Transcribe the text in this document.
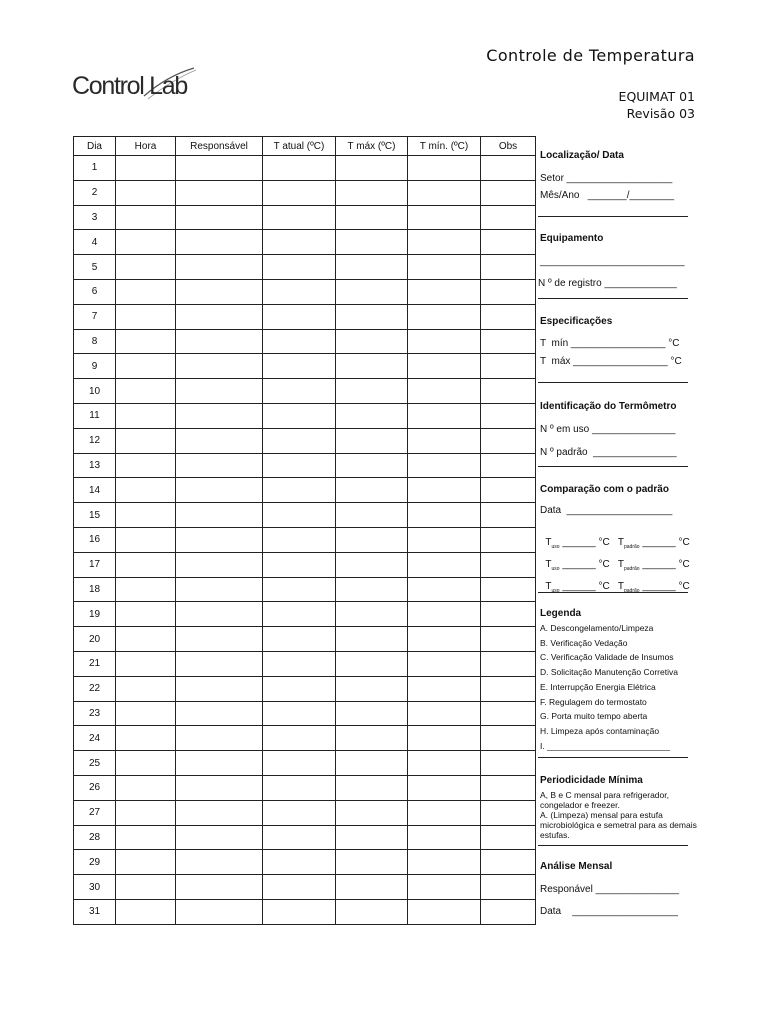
Control Lab
Controle de Temperatura
EQUIMAT 01
Revisão 03
Dia	Hora	Responsável	T atual (ºC)	T máx (ºC)	T mín. (ºC)	Obs
1						
2						
3						
4						
5						
6						
7						
8						
9						
10						
11						
12						
13						
14						
15						
16						
17						
18						
19						
20						
21						
22						
23						
24						
25						
26						
27						
28						
29						
30						
31						
Localização/ Data
Setor ___________________
Mês/Ano   _______/________
Equipamento
__________________________
N º de registro _____________
Especificações
T  mín _________________ °C
T  máx _________________ °C
Identificação do Termômetro
N º em uso _______________
N º padrão  _______________
Comparação com o padrão
Data  ___________________

$T_{uso}$ ______ °C $T_{padrão}$ ______ °C

$T_{uso}$ ______ °C $T_{padrão}$ ______ °C

$T_{uso}$ ______ °C $T_{padrão}$ ______ °C

Legenda
A. Descongelamento/Limpeza
B. Verificação Vedação
C. Verificação Validade de Insumos
D. Solicitação Manutenção Corretiva
E. Interrupção Energia Elétrica
F. Regulagem do termostato
G. Porta muito tempo aberta
H. Limpeza após contaminação
I. __________________________
Periodicidade Mínima
A, B e C mensal para refrigerador, congelador e freezer.
A. (Limpeza) mensal para estufa microbiológica e semetral para as demais estufas.
Análise Mensal
Responável _______________
Data    ___________________
